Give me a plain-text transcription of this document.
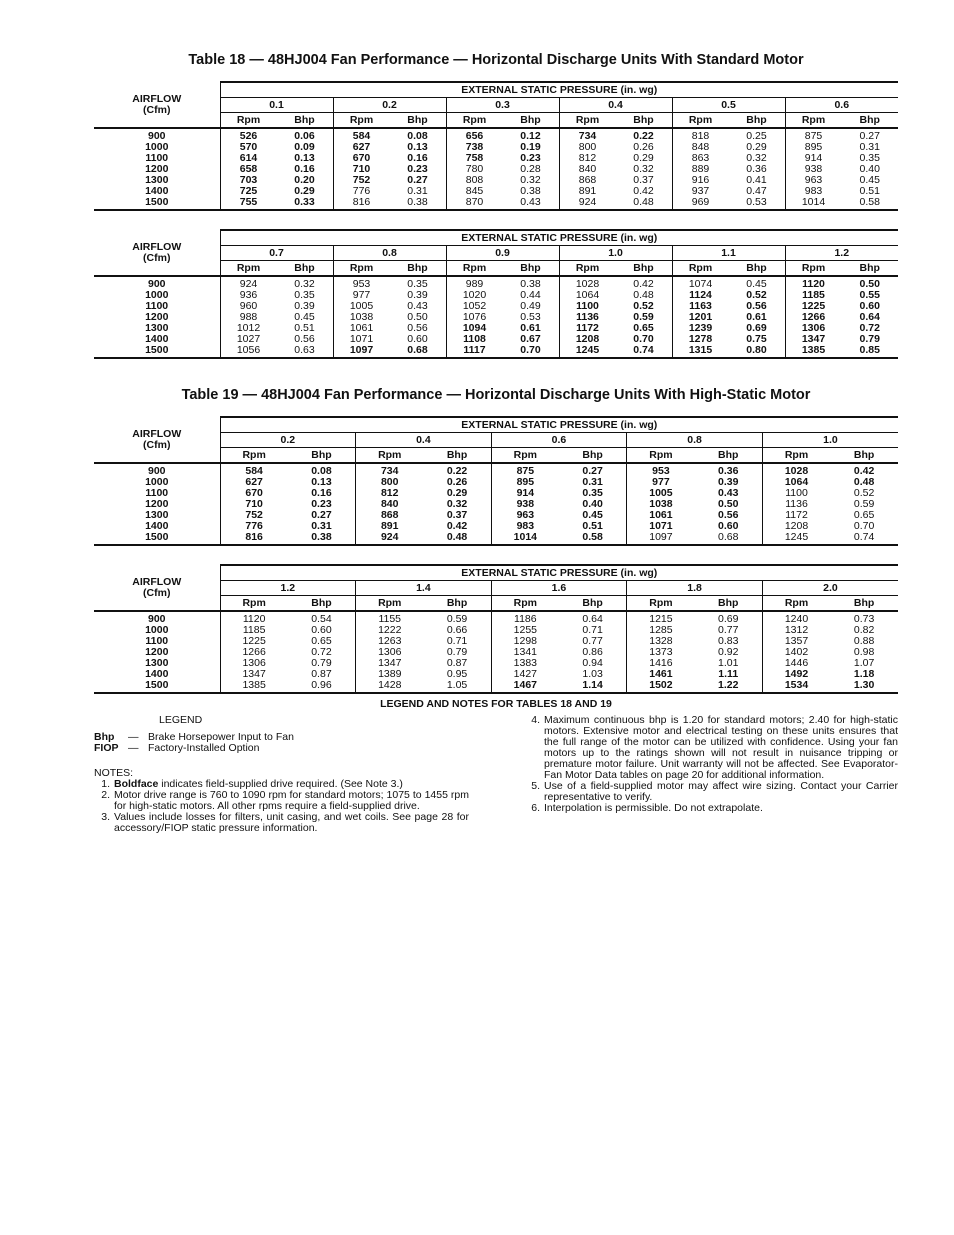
Table 18 — 48HJ004 Fan Performance — Horizontal Discharge Units With Standard Motor
AIRFLOW
(Cfm)	EXTERNAL STATIC PRESSURE (in. wg)											
	0.1		0.2		0.3		0.4		0.5		0.6	
	Rpm	Bhp	Rpm	Bhp	Rpm	Bhp	Rpm	Bhp	Rpm	Bhp	Rpm	Bhp
900	526	0.06	584	0.08	656	0.12	734	0.22	818	0.25	875	0.27
1000	570	0.09	627	0.13	738	0.19	800	0.26	848	0.29	895	0.31
1100	614	0.13	670	0.16	758	0.23	812	0.29	863	0.32	914	0.35
1200	658	0.16	710	0.23	780	0.28	840	0.32	889	0.36	938	0.40
1300	703	0.20	752	0.27	808	0.32	868	0.37	916	0.41	963	0.45
1400	725	0.29	776	0.31	845	0.38	891	0.42	937	0.47	983	0.51
1500	755	0.33	816	0.38	870	0.43	924	0.48	969	0.53	1014	0.58
AIRFLOW
(Cfm)	EXTERNAL STATIC PRESSURE (in. wg)											
	0.7		0.8		0.9		1.0		1.1		1.2	
	Rpm	Bhp	Rpm	Bhp	Rpm	Bhp	Rpm	Bhp	Rpm	Bhp	Rpm	Bhp
900	924	0.32	953	0.35	989	0.38	1028	0.42	1074	0.45	1120	0.50
1000	936	0.35	977	0.39	1020	0.44	1064	0.48	1124	0.52	1185	0.55
1100	960	0.39	1005	0.43	1052	0.49	1100	0.52	1163	0.56	1225	0.60
1200	988	0.45	1038	0.50	1076	0.53	1136	0.59	1201	0.61	1266	0.64
1300	1012	0.51	1061	0.56	1094	0.61	1172	0.65	1239	0.69	1306	0.72
1400	1027	0.56	1071	0.60	1108	0.67	1208	0.70	1278	0.75	1347	0.79
1500	1056	0.63	1097	0.68	1117	0.70	1245	0.74	1315	0.80	1385	0.85
Table 19 — 48HJ004 Fan Performance — Horizontal Discharge Units With High-Static Motor
AIRFLOW
(Cfm)	EXTERNAL STATIC PRESSURE (in. wg)									
	0.2		0.4		0.6		0.8		1.0	
	Rpm	Bhp	Rpm	Bhp	Rpm	Bhp	Rpm	Bhp	Rpm	Bhp
900	584	0.08	734	0.22	875	0.27	953	0.36	1028	0.42
1000	627	0.13	800	0.26	895	0.31	977	0.39	1064	0.48
1100	670	0.16	812	0.29	914	0.35	1005	0.43	1100	0.52
1200	710	0.23	840	0.32	938	0.40	1038	0.50	1136	0.59
1300	752	0.27	868	0.37	963	0.45	1061	0.56	1172	0.65
1400	776	0.31	891	0.42	983	0.51	1071	0.60	1208	0.70
1500	816	0.38	924	0.48	1014	0.58	1097	0.68	1245	0.74
AIRFLOW
(Cfm)	EXTERNAL STATIC PRESSURE (in. wg)									
	1.2		1.4		1.6		1.8		2.0	
	Rpm	Bhp	Rpm	Bhp	Rpm	Bhp	Rpm	Bhp	Rpm	Bhp
900	1120	0.54	1155	0.59	1186	0.64	1215	0.69	1240	0.73
1000	1185	0.60	1222	0.66	1255	0.71	1285	0.77	1312	0.82
1100	1225	0.65	1263	0.71	1298	0.77	1328	0.83	1357	0.88
1200	1266	0.72	1306	0.79	1341	0.86	1373	0.92	1402	0.98
1300	1306	0.79	1347	0.87	1383	0.94	1416	1.01	1446	1.07
1400	1347	0.87	1389	0.95	1427	1.03	1461	1.11	1492	1.18
1500	1385	0.96	1428	1.05	1467	1.14	1502	1.22	1534	1.30
LEGEND AND NOTES FOR TABLES 18 AND 19
LEGEND
Bhp	— Brake Horsepower Input to Fan
FIOP — Factory-Installed Option
NOTES:
1. Boldface indicates field-supplied drive required. (See Note 3.)
2. Motor drive range is 760 to 1090 rpm for standard motors; 1075 to 1455 rpm for high-static motors. All other rpms require a field-supplied drive.
3. Values include losses for filters, unit casing, and wet coils. See page 28 for accessory/FIOP static pressure information.
4. Maximum continuous bhp is 1.20 for standard motors; 2.40 for high-static motors. Extensive motor and electrical testing on these units ensures that the full range of the motor can be utilized with confidence. Using your fan motors up to the ratings shown will not result in nuisance tripping or premature motor failure. Unit warranty will not be affected. See Evaporator-Fan Motor Data tables on page 20 for additional information.
5. Use of a field-supplied motor may affect wire sizing. Contact your Carrier representative to verify.
6. Interpolation is permissible. Do not extrapolate.
